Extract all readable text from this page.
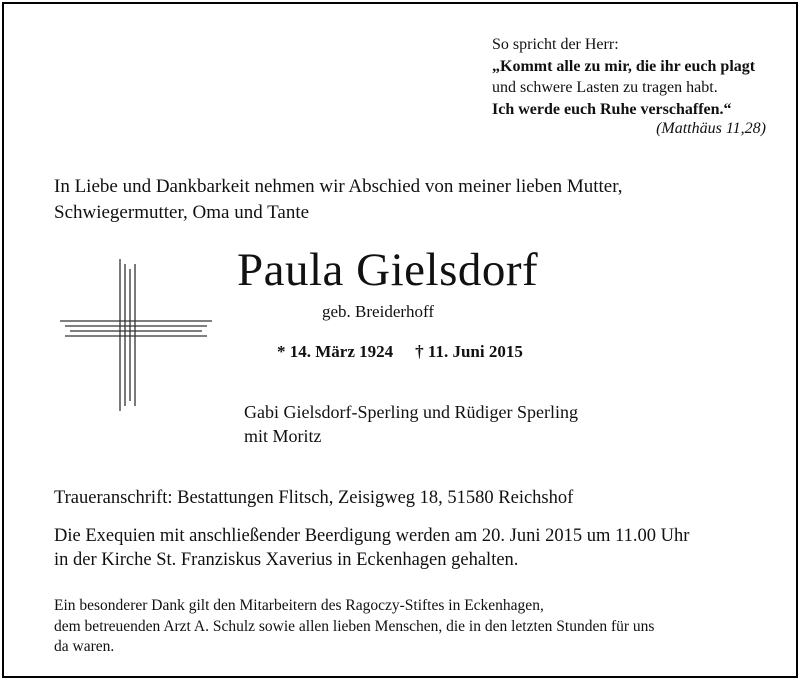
So spricht der Herr:
„Kommt alle zu mir, die ihr euch plagt
und schwere Lasten zu tragen habt.
Ich werde euch Ruhe verschaffen.“
(Matthäus 11,28)
In Liebe und Dankbarkeit nehmen wir Abschied von meiner lieben Mutter,
Schwiegermutter, Oma und Tante
Paula Gielsdorf
geb. Breiderhoff
* 14. März 1924 † 11. Juni 2015
Gabi Gielsdorf-Sperling und Rüdiger Sperling
mit Moritz
Traueranschrift: Bestattungen Flitsch, Zeisigweg 18, 51580 Reichshof
Die Exequien mit anschließender Beerdigung werden am 20. Juni 2015 um 11.00 Uhr
in der Kirche St. Franziskus Xaverius in Eckenhagen gehalten.
Ein besonderer Dank gilt den Mitarbeitern des Ragoczy-Stiftes in Eckenhagen,
dem betreuenden Arzt A. Schulz sowie allen lieben Menschen, die in den letzten Stunden für uns
da waren.
